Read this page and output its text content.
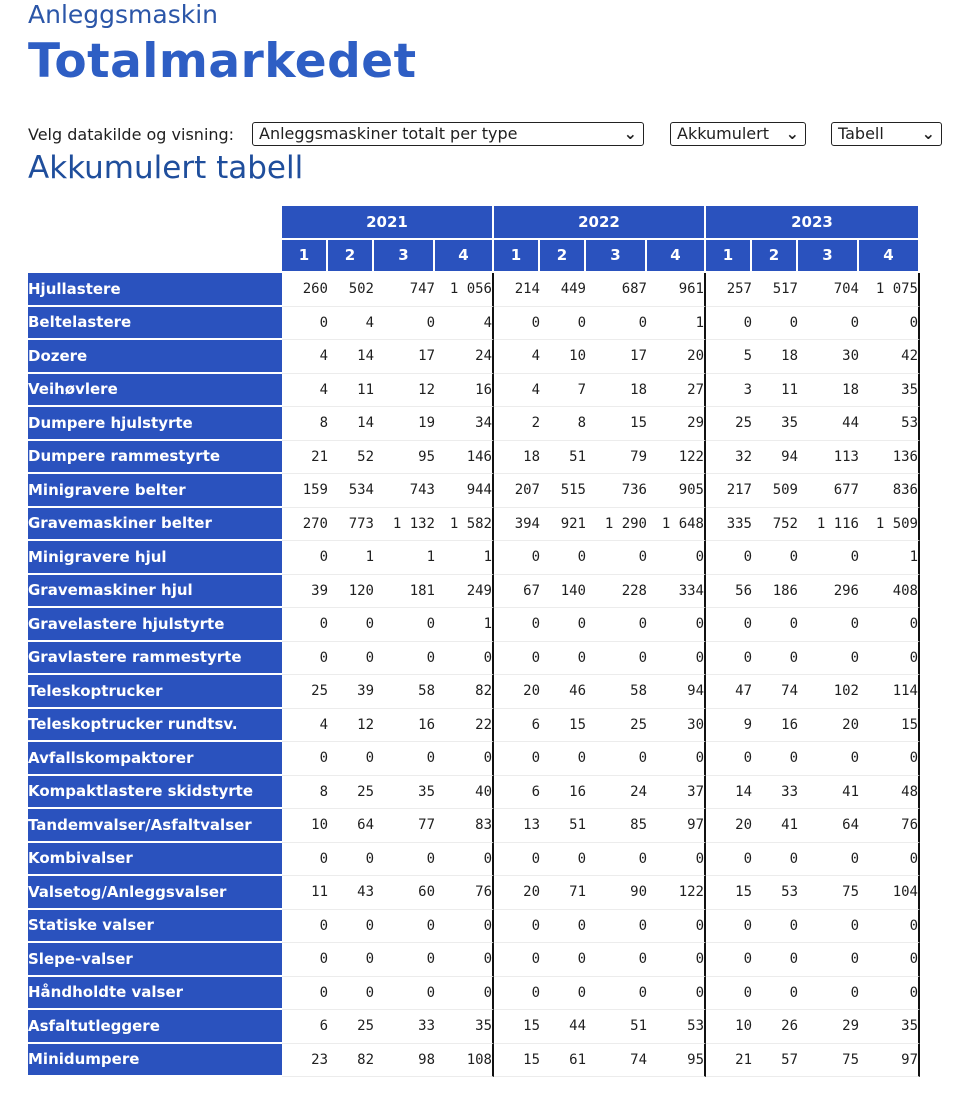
Anleggsmaskin
Totalmarkedet
Velg datakilde og visning:	Anleggsmaskiner totalt per type	⌄	Akkumulert ⌄	Tabell ⌄
Akkumulert tabell
	2021				2022				2023			
	1	2	3	4	1	2	3	4	1	2	3	4
Hjullastere	260	502	747	1 056	214	449	687	961	257	517	704	1 075
Beltelastere	0	4	0	4	0	0	0	1	0	0	0	0
Dozere	4	14	17	24	4	10	17	20	5	18	30	42
Veihøvlere	4	11	12	16	4	7	18	27	3	11	18	35
Dumpere hjulstyrte	8	14	19	34	2	8	15	29	25	35	44	53
Dumpere rammestyrte	21	52	95	146	18	51	79	122	32	94	113	136
Minigravere belter	159	534	743	944	207	515	736	905	217	509	677	836
Gravemaskiner belter	270	773	1 132	1 582	394	921	1 290	1 648	335	752	1 116	1 509
Minigravere hjul	0	1	1	1	0	0	0	0	0	0	0	1
Gravemaskiner hjul	39	120	181	249	67	140	228	334	56	186	296	408
Gravelastere hjulstyrte	0	0	0	1	0	0	0	0	0	0	0	0
Gravlastere rammestyrte	0	0	0	0	0	0	0	0	0	0	0	0
Teleskoptrucker	25	39	58	82	20	46	58	94	47	74	102	114
Teleskoptrucker rundtsv.	4	12	16	22	6	15	25	30	9	16	20	15
Avfallskompaktorer	0	0	0	0	0	0	0	0	0	0	0	0
Kompaktlastere skidstyrte	8	25	35	40	6	16	24	37	14	33	41	48
Tandemvalser/Asfaltvalser	10	64	77	83	13	51	85	97	20	41	64	76
Kombivalser	0	0	0	0	0	0	0	0	0	0	0	0
Valsetog/Anleggsvalser	11	43	60	76	20	71	90	122	15	53	75	104
Statiske valser	0	0	0	0	0	0	0	0	0	0	0	0
Slepe-valser	0	0	0	0	0	0	0	0	0	0	0	0
Håndholdte valser	0	0	0	0	0	0	0	0	0	0	0	0
Asfaltutleggere	6	25	33	35	15	44	51	53	10	26	29	35
Minidumpere	23	82	98	108	15	61	74	95	21	57	75	97
